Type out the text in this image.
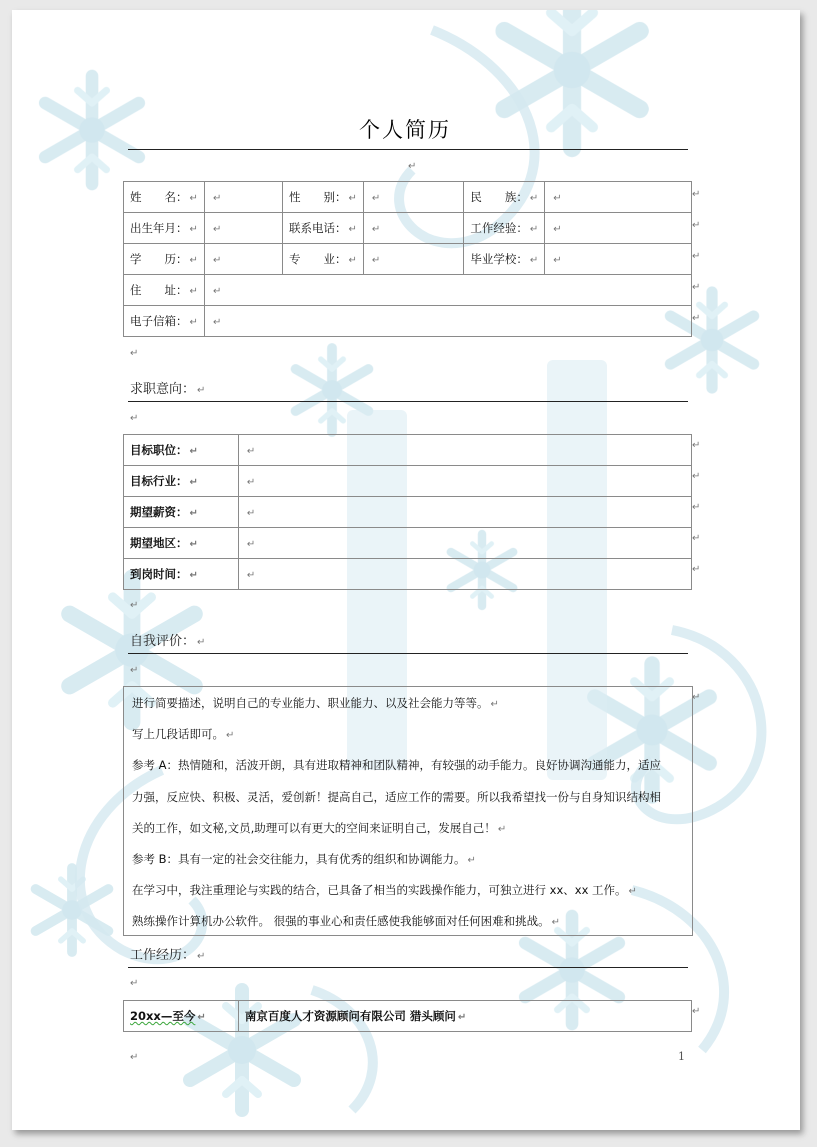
个人简历
↵
姓　　名： ↵	↵	性　　别： ↵	↵	民　　族： ↵	↵
出生年月： ↵	↵	联系电话： ↵	↵	工作经验： ↵	↵
学　　历： ↵	↵	专　　业： ↵	↵	毕业学校： ↵	↵
住　　址： ↵	↵				
电子信箱： ↵	↵				
↵
求职意向： ↵
↵
目标职位： ↵	↵
目标行业： ↵	↵
期望薪资： ↵	↵
期望地区： ↵	↵
到岗时间： ↵	↵
↵
自我评价： ↵
↵
进行简要描述，说明自己的专业能力、职业能力、以及社会能力等等。 ↵
写上几段话即可。 ↵
参考 A：热情随和，活波开朗，具有进取精神和团队精神，有较强的动手能力。良好协调沟通能力，适应
力强，反应快、积极、灵活，爱创新！提高自己，适应工作的需要。所以我希望找一份与自身知识结构相
关的工作，如文秘,文员,助理可以有更大的空间来证明自己，发展自己！ ↵
参考 B：具有一定的社会交往能力，具有优秀的组织和协调能力。 ↵
在学习中，我注重理论与实践的结合，已具备了相当的实践操作能力，可独立进行 xx、xx 工作。 ↵
熟练操作计算机办公软件。 很强的事业心和责任感使我能够面对任何困难和挑战。 ↵
工作经历： ↵
↵
20xx—至今 ↵	南京百度人才资源顾问有限公司 猎头顾问 ↵
↵	1
↵
↵
↵
↵
↵
↵
↵
↵
↵
↵
↵
↵
